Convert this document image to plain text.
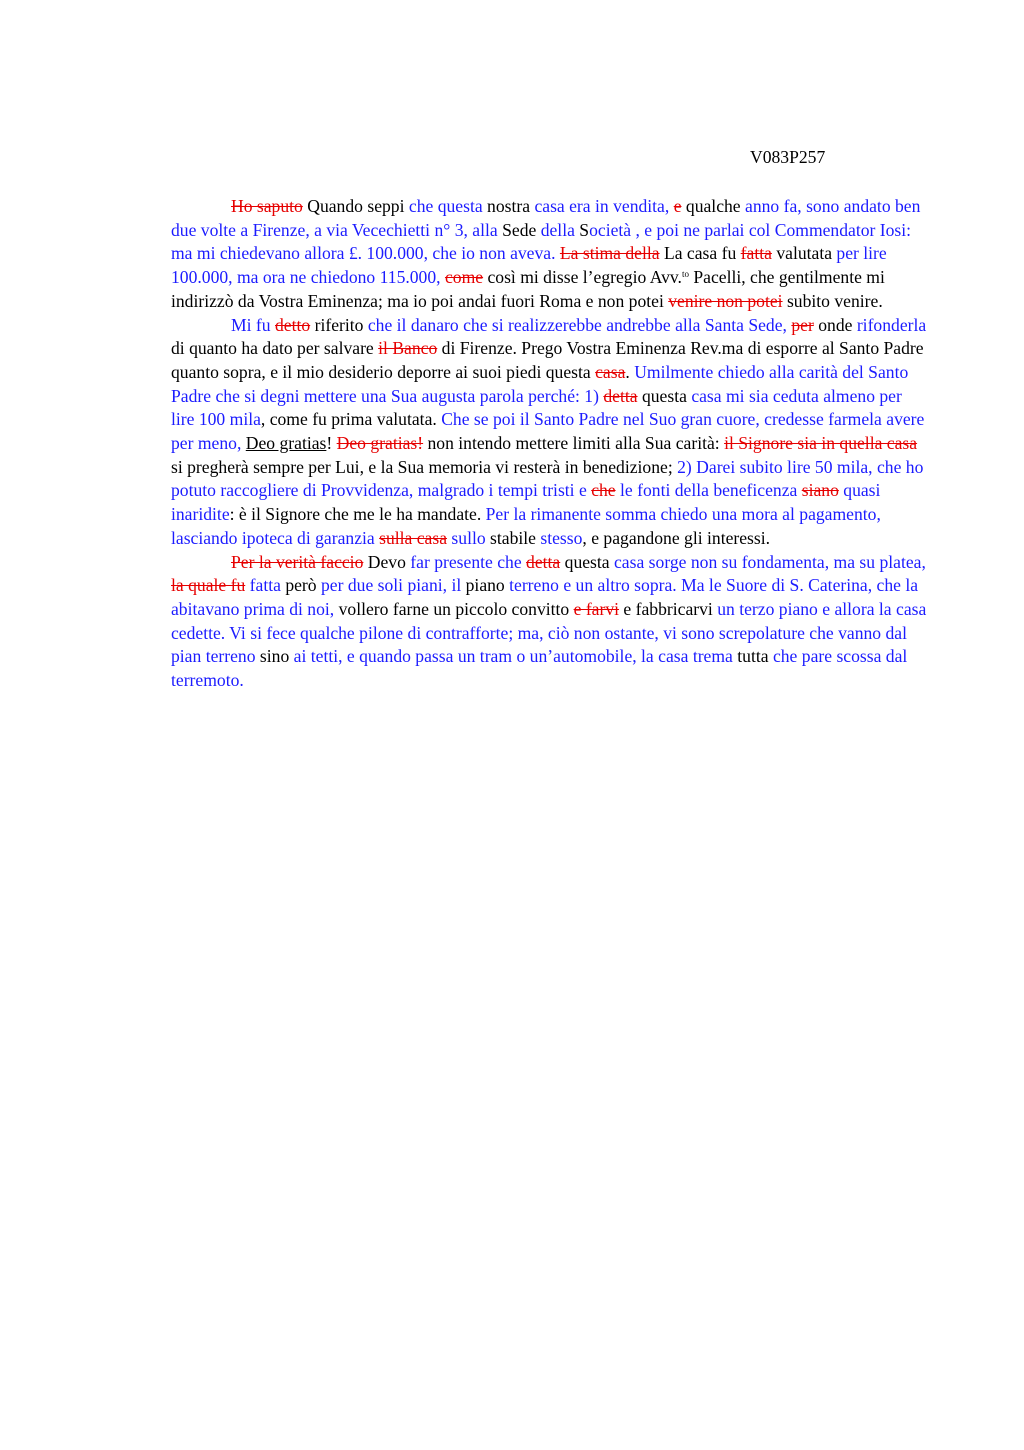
V083P257

Ho saputo Quando seppi che questa nostra casa era in vendita, e qualche anno fa, sono andato ben due volte a Firenze, a via Vecechietti n° 3, alla Sede della Società , e poi ne parlai col Commendator Iosi: ma mi chiedevano allora £. 100.000, che io non aveva. La stima della La casa fu fatta valutata per lire 100.000, ma ora ne chiedono 115.000, come così mi disse l’egregio Avv.$^{to}$ Pacelli, che gentilmente mi indirizzò da Vostra Eminenza; ma io poi andai fuori Roma e non potei venire non potei subito venire.

Mi fu detto riferito che il danaro che si realizzerebbe andrebbe alla Santa Sede, per onde rifonderla di quanto ha dato per salvare il Banco di Firenze. Prego Vostra Eminenza Rev.ma di esporre al Santo Padre quanto sopra, e il mio desiderio deporre ai suoi piedi questa casa. Umilmente chiedo alla carità del Santo Padre che si degni mettere una Sua augusta parola perché: 1) detta questa casa mi sia ceduta almeno per lire 100 mila, come fu prima valutata. Che se poi il Santo Padre nel Suo gran cuore, credesse farmela avere per meno, Deo gratias! Deo gratias! non intendo mettere limiti alla Sua carità: il Signore sia in quella casa si pregherà sempre per Lui, e la Sua memoria vi resterà in benedizione; 2) Darei subito lire 50 mila, che ho potuto raccogliere di Provvidenza, malgrado i tempi tristi e che le fonti della beneficenza siano quasi inaridite: è il Signore che me le ha mandate. Per la rimanente somma chiedo una mora al pagamento, lasciando ipoteca di garanzia sulla casa sullo stabile stesso, e pagandone gli interessi.

Per la verità faccio Devo far presente che detta questa casa sorge non su fondamenta, ma su platea, la quale fu fatta però per due soli piani, il piano terreno e un altro sopra. Ma le Suore di S. Caterina, che la abitavano prima di noi, vollero farne un piccolo convitto e farvi e fabbricarvi un terzo piano e allora la casa cedette. Vi si fece qualche pilone di contrafforte; ma, ciò non ostante, vi sono screpolature che vanno dal pian terreno sino ai tetti, e quando passa un tram o un’automobile, la casa trema tutta che pare scossa dal terremoto.
